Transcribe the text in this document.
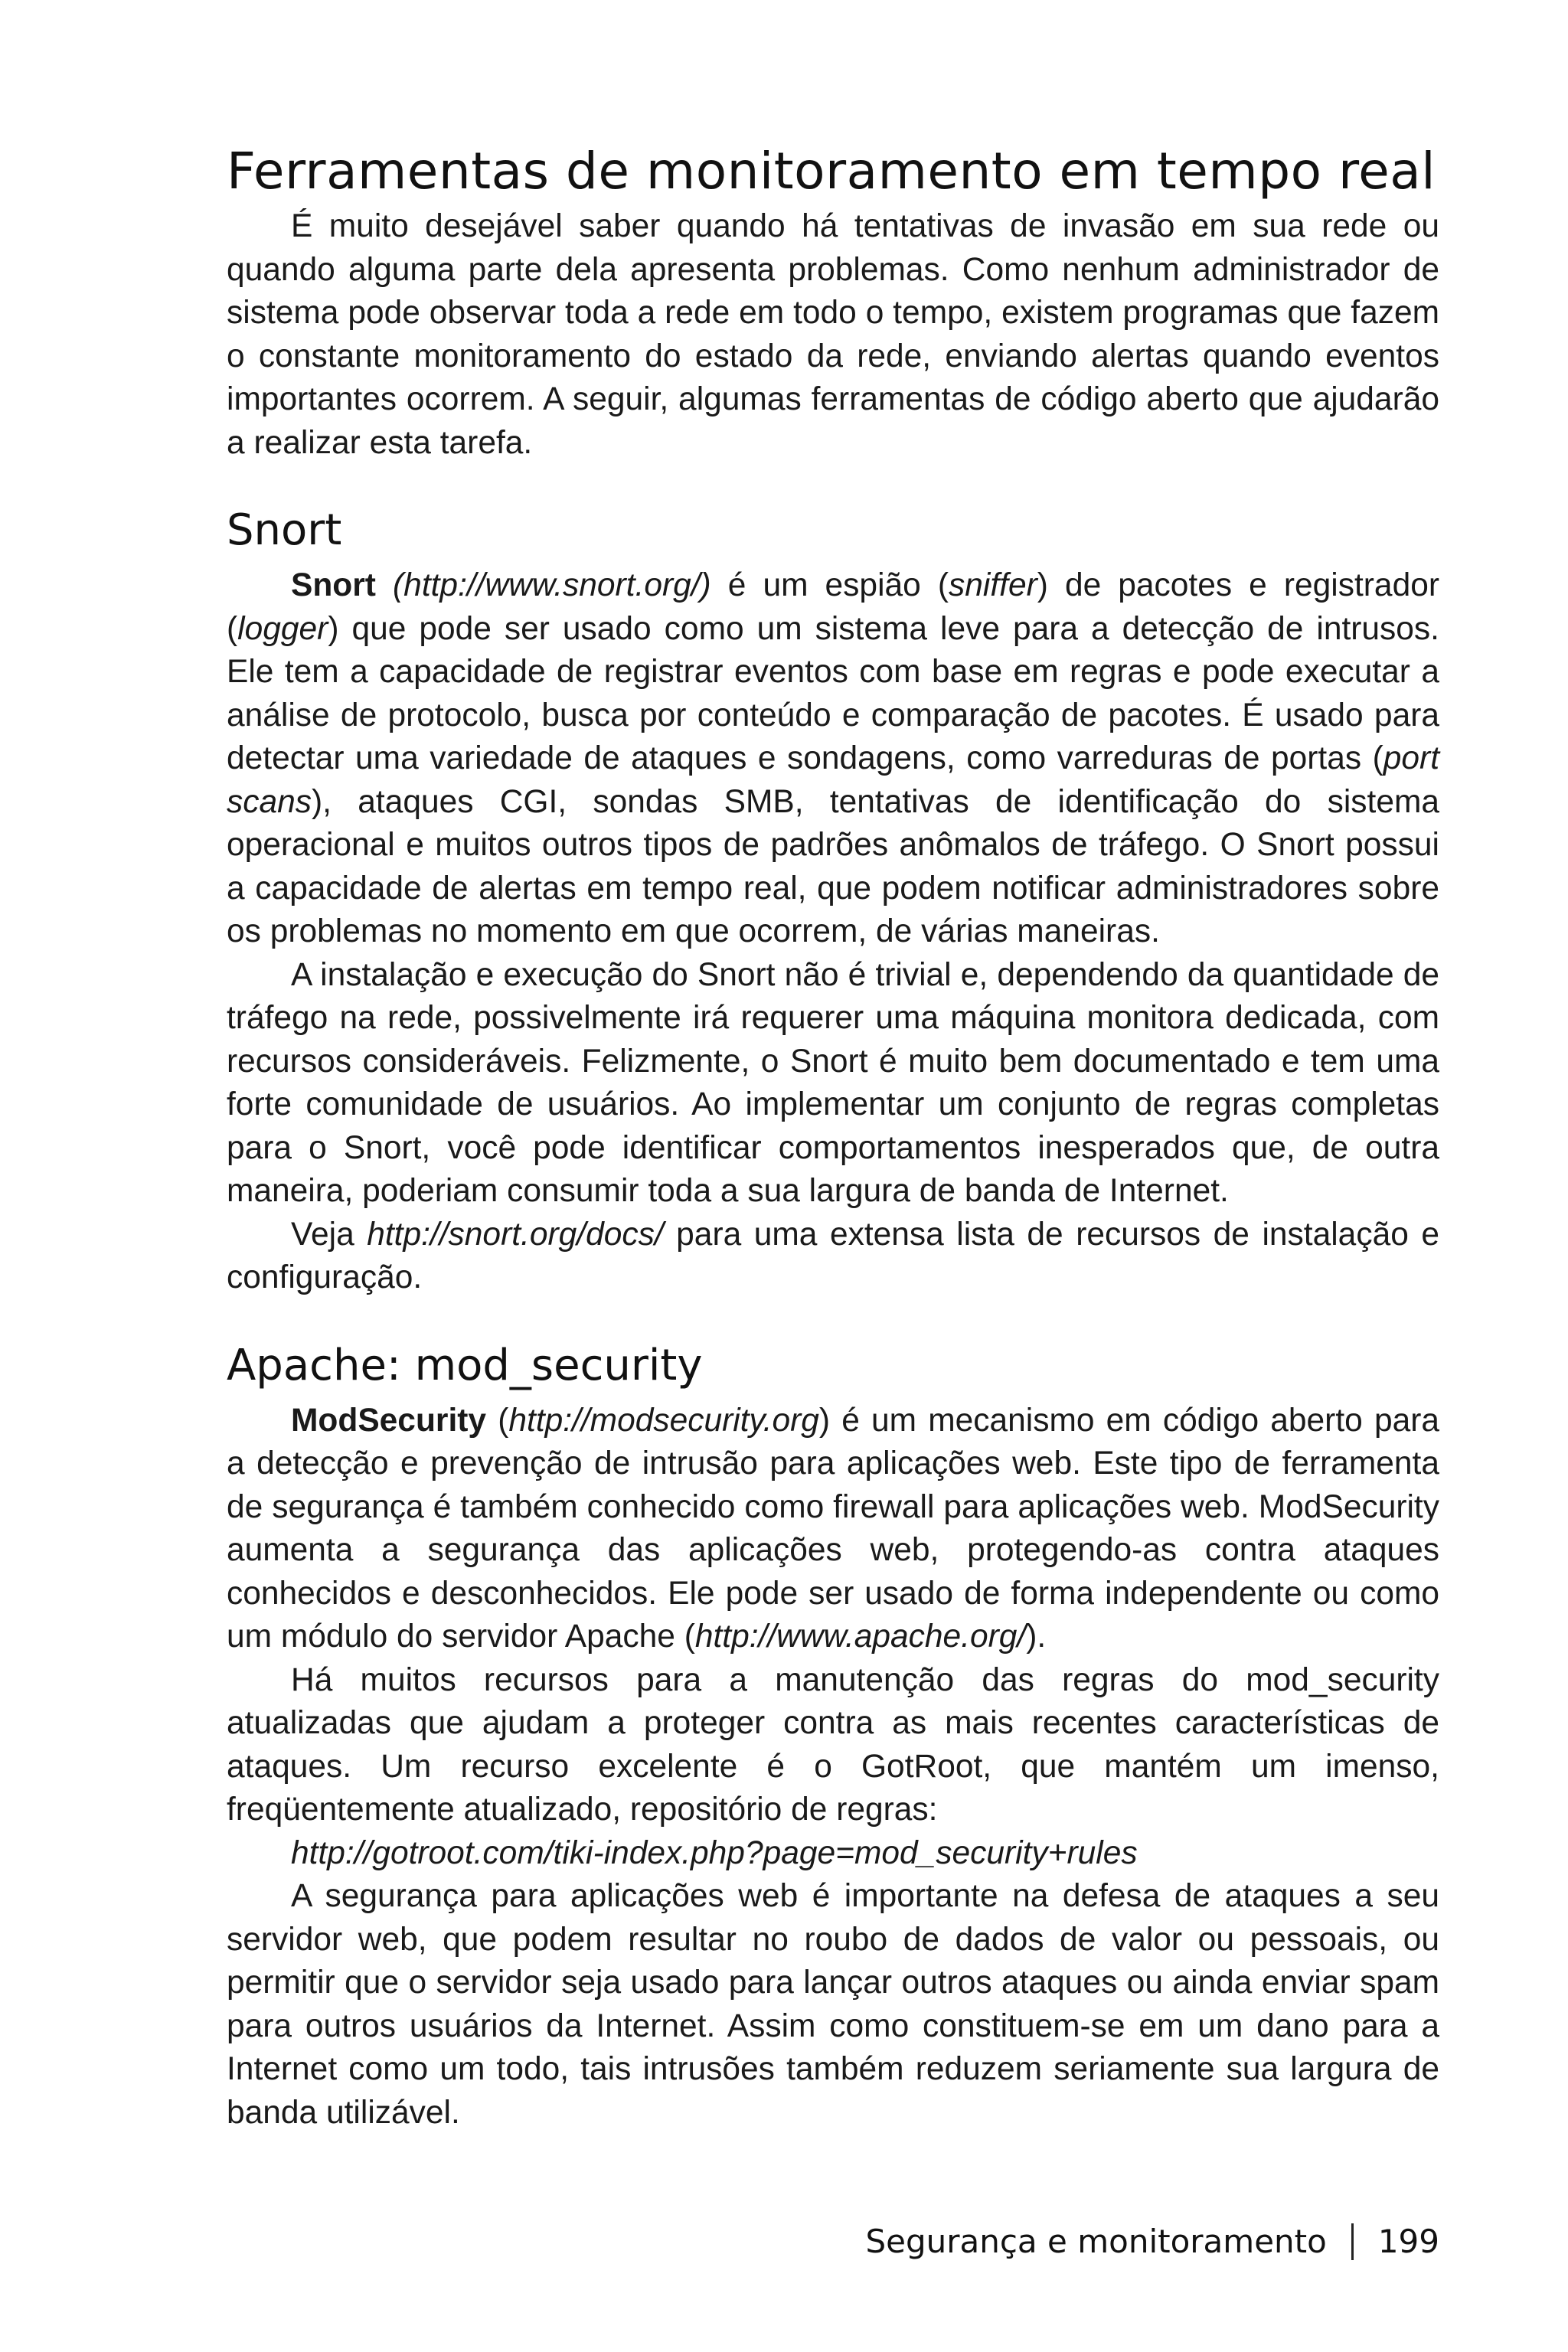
Ferramentas de monitoramento em tempo real

É muito desejável saber quando há tentativas de invasão em sua rede ou quando alguma parte dela apresenta problemas. Como nenhum administrador de sistema pode observar toda a rede em todo o tempo, existem programas que fazem o constante monitoramento do estado da rede, enviando alertas quando eventos importantes ocorrem. A seguir, algumas ferramentas de código aberto que ajudarão a realizar esta tarefa.

Snort

Snort (http://www.snort.org/) é um espião (sniffer) de pacotes e registrador (logger) que pode ser usado como um sistema leve para a detecção de intrusos. Ele tem a capacidade de registrar eventos com base em regras e pode executar a análise de protocolo, busca por conteúdo e comparação de pacotes. É usado para detectar uma variedade de ataques e sondagens, como varreduras de portas (port scans), ataques CGI, sondas SMB, tentativas de identificação do sistema operacional e muitos outros tipos de padrões anômalos de tráfego. O Snort possui a capacidade de alertas em tempo real, que podem notificar administradores sobre os problemas no momento em que ocorrem, de várias maneiras.

A instalação e execução do Snort não é trivial e, dependendo da quantidade de tráfego na rede, possivelmente irá requerer uma máquina monitora dedicada, com recursos consideráveis. Felizmente, o Snort é muito bem documentado e tem uma forte comunidade de usuários. Ao implementar um conjunto de regras completas para o Snort, você pode identificar comportamentos inesperados que, de outra maneira, poderiam consumir toda a sua largura de banda de Internet.

Veja http://snort.org/docs/ para uma extensa lista de recursos de instalação e configuração.

Apache: mod_security

ModSecurity (http://modsecurity.org) é um mecanismo em código aberto para a detecção e prevenção de intrusão para aplicações web. Este tipo de ferramenta de segurança é também conhecido como firewall para aplicações web. ModSecurity aumenta a segurança das aplicações web, protegendo-as contra ataques conhecidos e desconhecidos. Ele pode ser usado de forma independente ou como um módulo do servidor Apache (http://www.apache.org/).

Há muitos recursos para a manutenção das regras do mod_security atualizadas que ajudam a proteger contra as mais recentes características de ataques. Um recurso excelente é o GotRoot, que mantém um imenso, freqüentemente atualizado, repositório de regras:

http://gotroot.com/tiki-index.php?page=mod_security+rules

A segurança para aplicações web é importante na defesa de ataques a seu servidor web, que podem resultar no roubo de dados de valor ou pessoais, ou permitir que o servidor seja usado para lançar outros ataques ou ainda enviar spam para outros usuários da Internet. Assim como constituem-se em um dano para a Internet como um todo, tais intrusões também reduzem seriamente sua largura de banda utilizável.

Segurança e monitoramento 199
